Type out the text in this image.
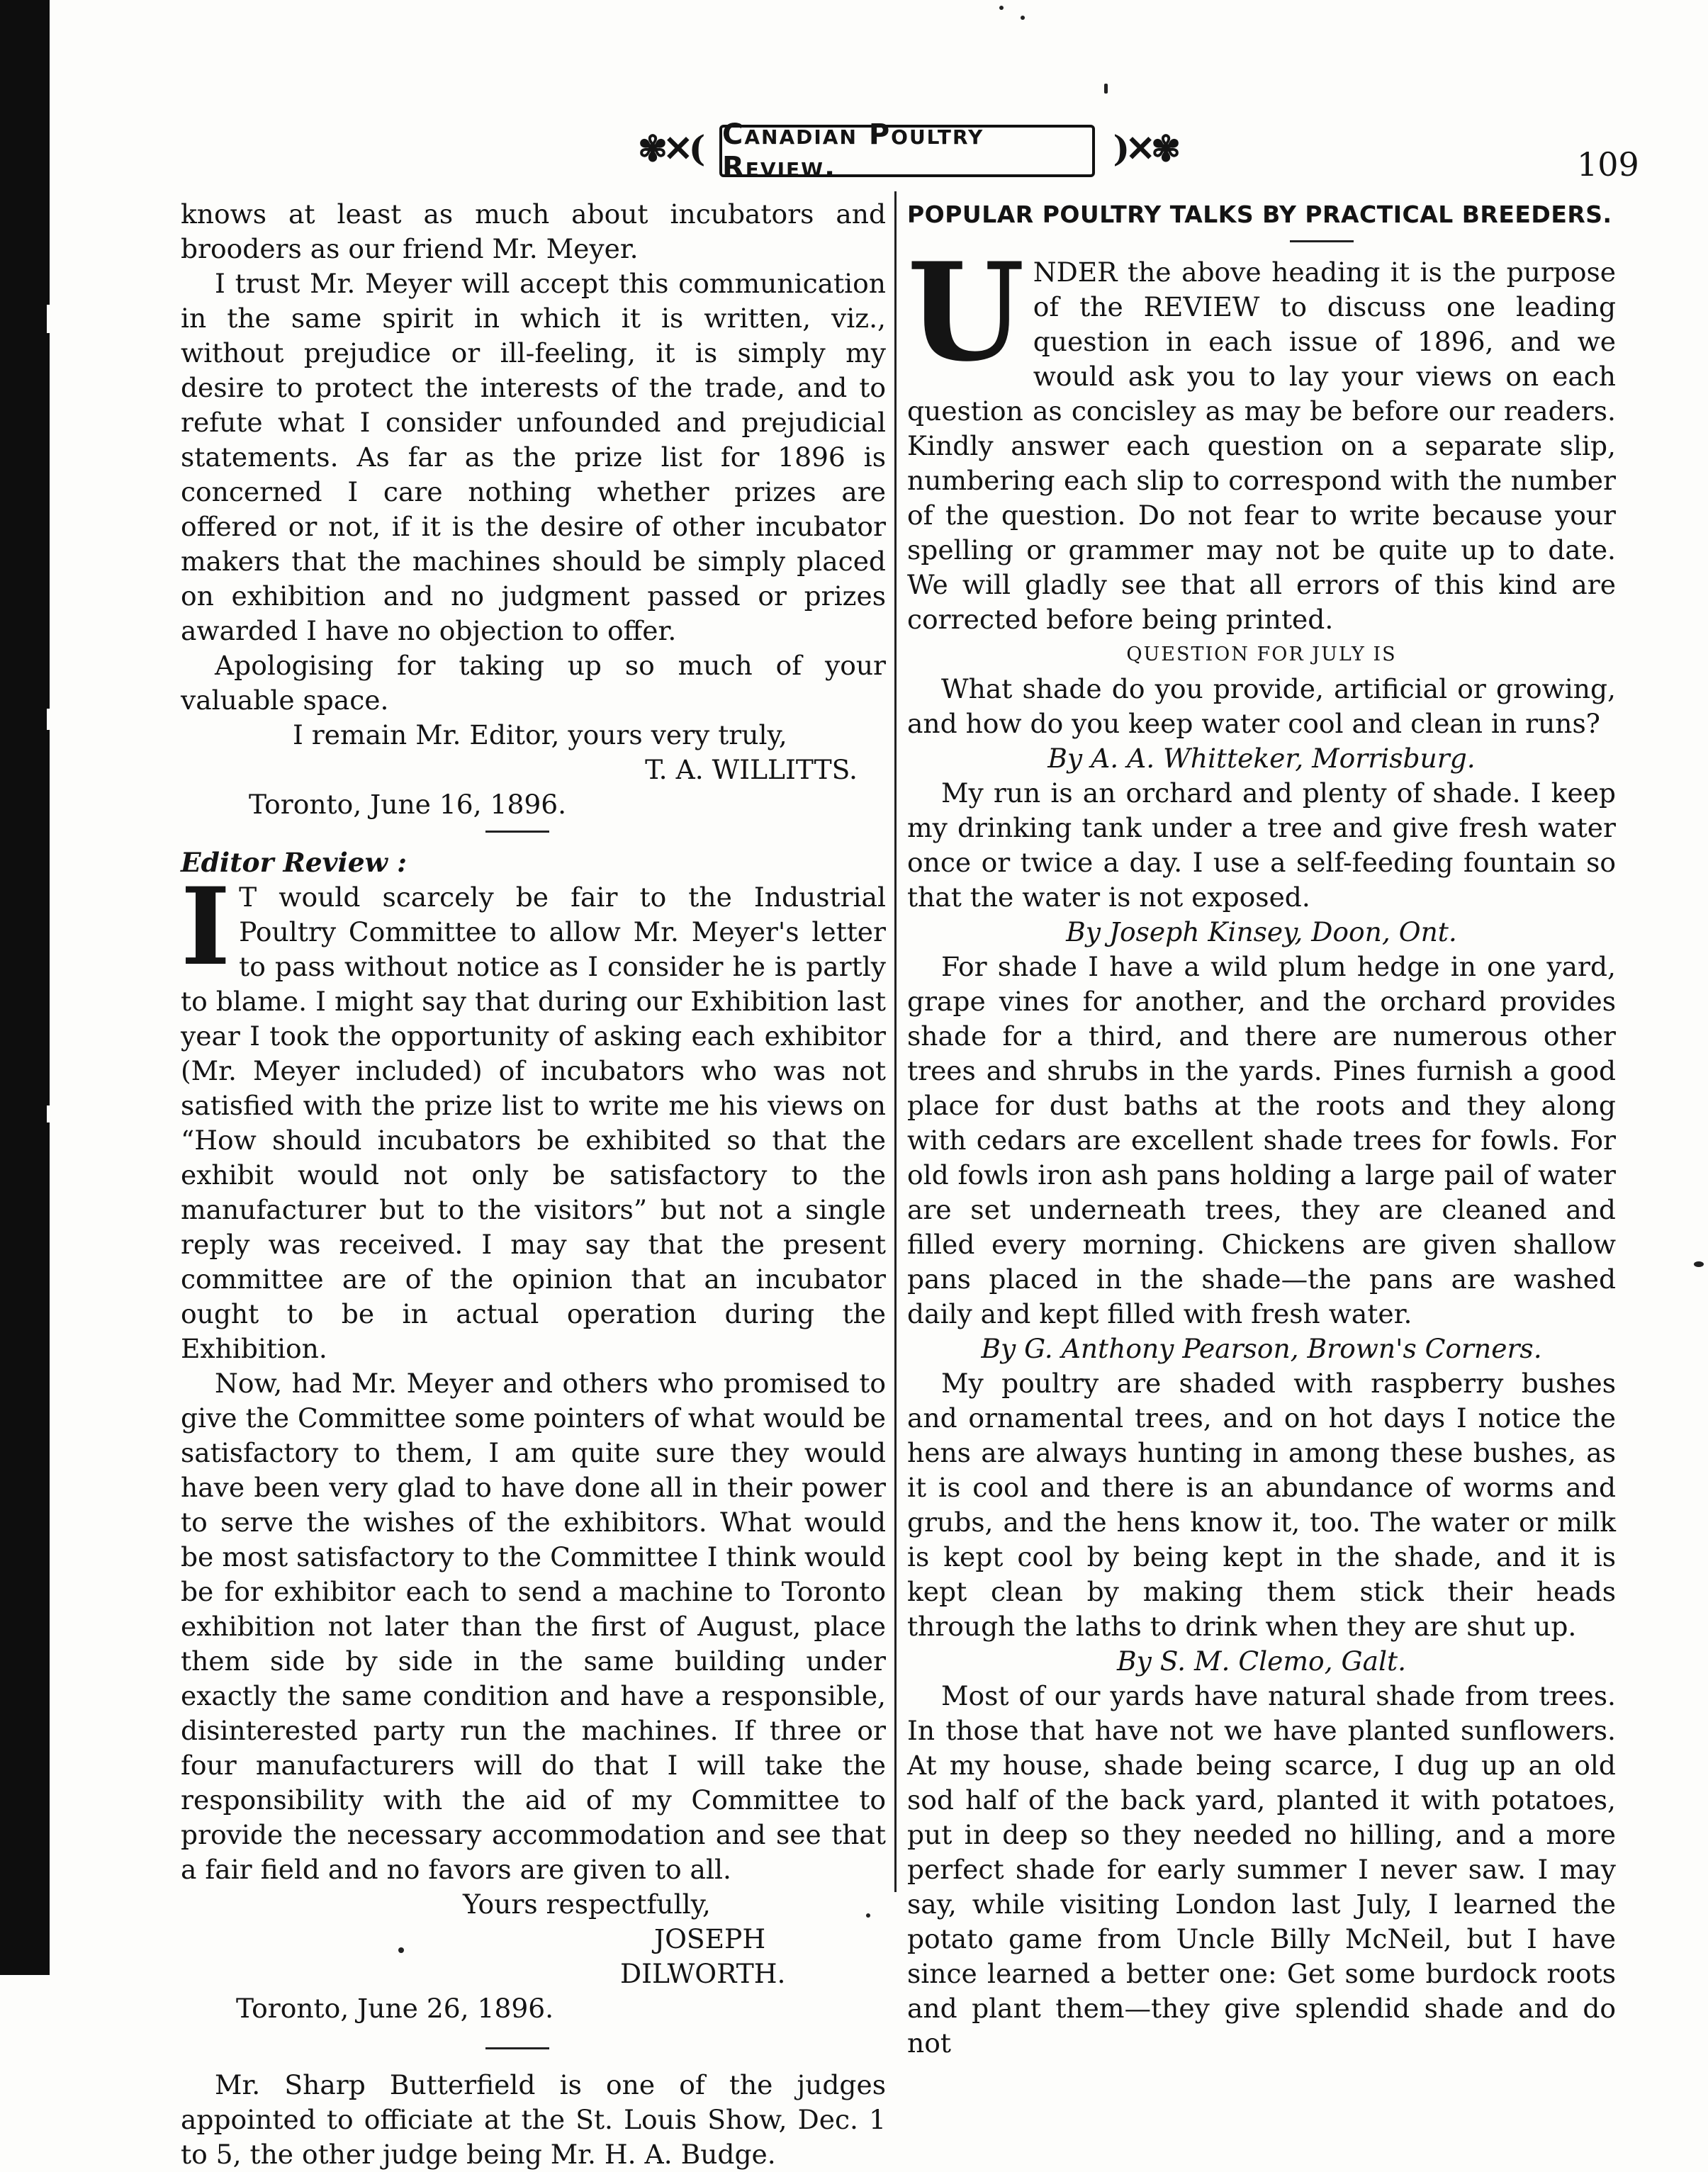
✾✕( Canadian Poultry Review.	)✕✾	109

knows at least as much about incubators and brooders as our friend Mr. Meyer.

I trust Mr. Meyer will accept this communication in the same spirit in which it is written, viz., without prejudice or ill-feeling, it is simply my desire to protect the interests of the trade, and to refute what I consider unfounded and prejudicial statements. As far as the prize list for 1896 is concerned I care nothing whether prizes are offered or not, if it is the desire of other incubator makers that the machines should be simply placed on exhibition and no judgment passed or prizes awarded I have no objection to offer.

Apologising for taking up so much of your valuable space.

I remain Mr. Editor, yours very truly,

T. A. WILLITTS.

Toronto, June 16, 1896.

Editor Review :

I T would scarcely be fair to the Industrial Poultry Committee to allow Mr. Meyer's letter to pass without notice as I consider he is partly to blame. I might say that during our Exhibition last year I took the opportunity of asking each exhibitor (Mr. Meyer included) of incubators who was not satisfied with the prize list to write me his views on “How should incubators be exhibited so that the exhibit would not only be satisfactory to the manufacturer but to the visitors” but not a single reply was received. I may say that the present committee are of the opinion that an incubator ought to be in actual operation during the Exhibition.

Now, had Mr. Meyer and others who promised to give the Committee some pointers of what would be satisfactory to them, I am quite sure they would have been very glad to have done all in their power to serve the wishes of the exhibitors. What would be most satisfactory to the Committee I think would be for exhibitor each to send a machine to Toronto exhibition not later than the first of August, place them side by side in the same building under exactly the same condition and have a responsible, disinterested party run the machines. If three or four manufacturers will do that I will take the responsibility with the aid of my Committee to provide the necessary accommodation and see that a fair field and no favors are given to all.

Yours respectfully,

JOSEPH DILWORTH.

Toronto, June 26, 1896.

Mr. Sharp Butterfield is one of the judges appointed to officiate at the St. Louis Show, Dec. 1 to 5, the other judge being Mr. H. A. Budge.

POPULAR POULTRY TALKS BY PRACTICAL BREEDERS.

UNDER the above heading it is the purpose of the REVIEW to discuss one leading question in each issue of 1896, and we would ask you to lay your views on each question as concisley as may be before our readers. Kindly answer each question on a separate slip, numbering each slip to correspond with the number of the question. Do not fear to write because your spelling or grammer may not be quite up to date. We will gladly see that all errors of this kind are corrected before being printed.

QUESTION FOR JULY IS

What shade do you provide, artificial or growing, and how do you keep water cool and clean in runs?

By A. A. Whitteker, Morrisburg.

My run is an orchard and plenty of shade. I keep my drinking tank under a tree and give fresh water once or twice a day. I use a self-feeding fountain so that the water is not exposed.

By Joseph Kinsey, Doon, Ont.

For shade I have a wild plum hedge in one yard, grape vines for another, and the orchard provides shade for a third, and there are numerous other trees and shrubs in the yards. Pines furnish a good place for dust baths at the roots and they along with cedars are excellent shade trees for fowls. For old fowls iron ash pans holding a large pail of water are set underneath trees, they are cleaned and filled every morning. Chickens are given shallow pans placed in the shade—the pans are washed daily and kept filled with fresh water.

By G. Anthony Pearson, Brown's Corners.

My poultry are shaded with raspberry bushes and ornamental trees, and on hot days I notice the hens are always hunting in among these bushes, as it is cool and there is an abundance of worms and grubs, and the hens know it, too. The water or milk is kept cool by being kept in the shade, and it is kept clean by making them stick their heads through the laths to drink when they are shut up.

By S. M. Clemo, Galt.

Most of our yards have natural shade from trees. In those that have not we have planted sunflowers. At my house, shade being scarce, I dug up an old sod half of the back yard, planted it with potatoes, put in deep so they needed no hilling, and a more perfect shade for early summer I never saw. I may say, while visiting London last July, I learned the potato game from Uncle Billy McNeil, but I have since learned a better one: Get some burdock roots and plant them—they give splendid shade and do not
